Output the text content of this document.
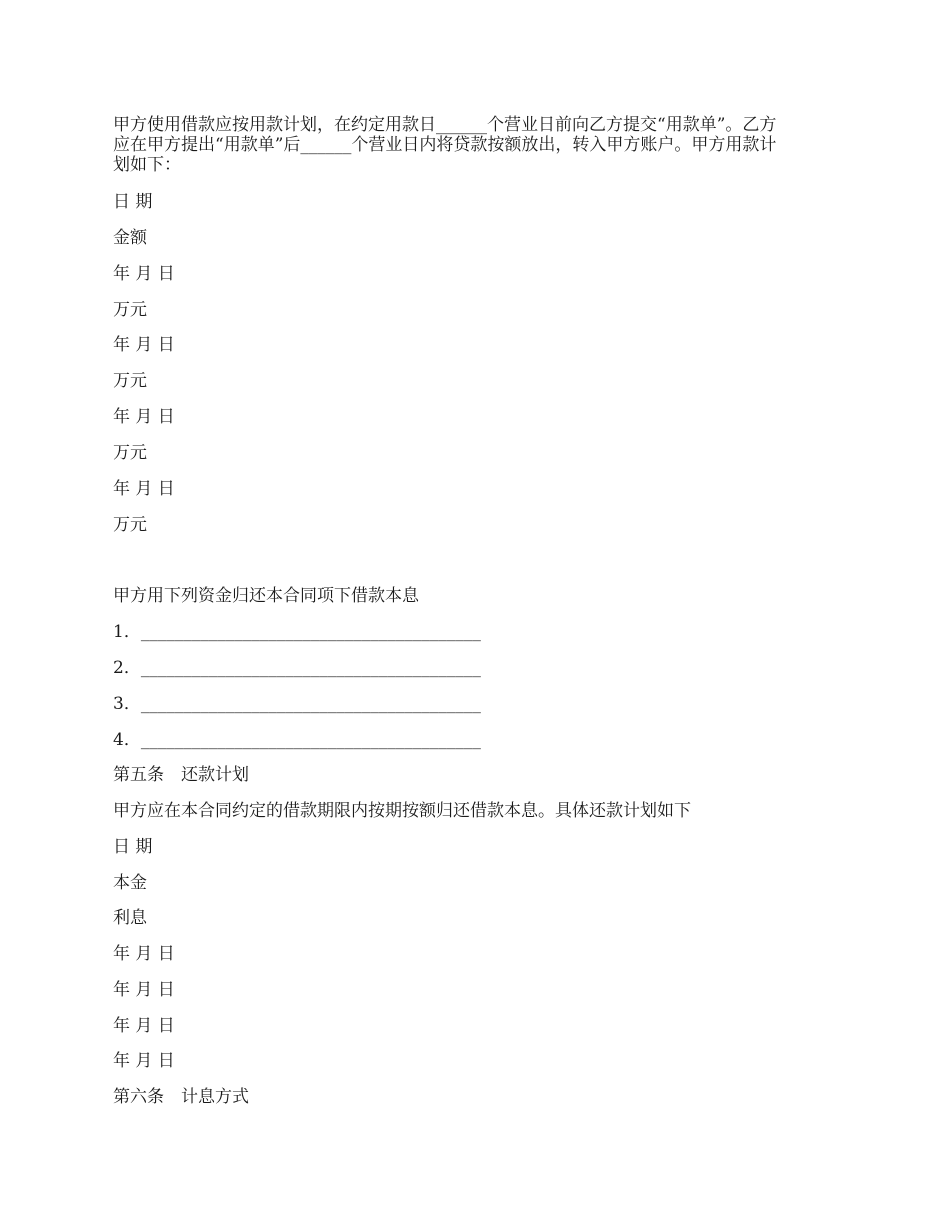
甲方使用借款应按用款计划，在约定用款日______个营业日前向乙方提交“用款单”。乙方
应在甲方提出“用款单”后______个营业日内将贷款按额放出，转入甲方账户。甲方用款计
划如下：
日 期
金额
年 月 日
万元
年 月 日
万元
年 月 日
万元
年 月 日
万元
甲方用下列资金归还本合同项下借款本息
1．________________________________________
2．________________________________________
3．________________________________________
4．________________________________________
第五条　还款计划
甲方应在本合同约定的借款期限内按期按额归还借款本息。具体还款计划如下
日 期
本金
利息
年 月 日
年 月 日
年 月 日
年 月 日
第六条　计息方式
